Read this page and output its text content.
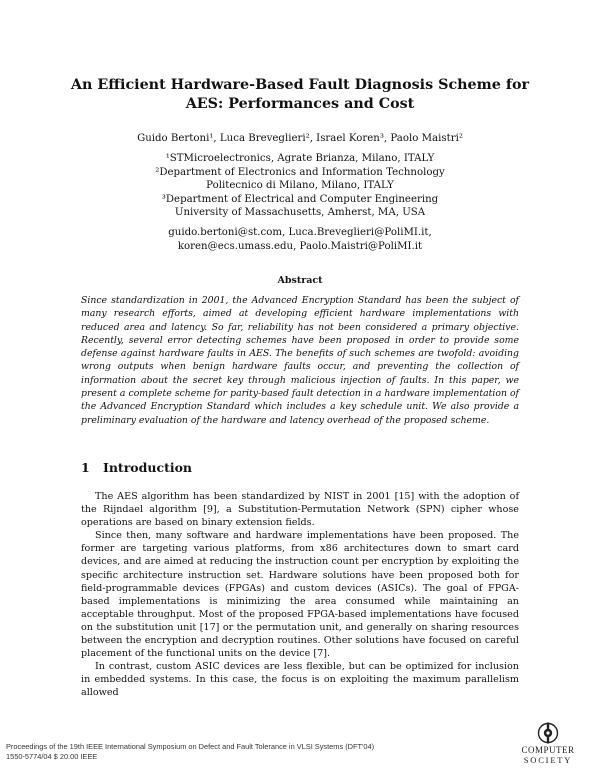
An Efficient Hardware-Based Fault Diagnosis Scheme for
AES: Performances and Cost
Guido Bertoni¹, Luca Breveglieri², Israel Koren³, Paolo Maistri²
¹STMicroelectronics, Agrate Brianza, Milano, ITALY
²Department of Electronics and Information Technology
Politecnico di Milano, Milano, ITALY
³Department of Electrical and Computer Engineering
University of Massachusetts, Amherst, MA, USA
guido.bertoni@st.com, Luca.Breveglieri@PoliMI.it,
koren@ecs.umass.edu, Paolo.Maistri@PoliMI.it
Abstract

Since standardization in 2001, the Advanced Encryption Standard has been the subject of many research efforts, aimed at developing efficient hardware implementations with reduced area and latency. So far, reliability has not been considered a primary objective. Recently, several error detecting schemes have been proposed in order to provide some defense against hardware faults in AES. The benefits of such schemes are twofold: avoiding wrong outputs when benign hardware faults occur, and preventing the collection of information about the secret key through malicious injection of faults. In this paper, we present a complete scheme for parity-based fault detection in a hardware implementation of the Advanced Encryption Standard which includes a key schedule unit. We also provide a preliminary evaluation of the hardware and latency overhead of the proposed scheme.

1 Introduction

The AES algorithm has been standardized by NIST in 2001 [15] with the adoption of the Rijndael algorithm [9], a Substitution-Permutation Network (SPN) cipher whose operations are based on binary extension fields.

Since then, many software and hardware implementations have been proposed. The former are targeting various platforms, from x86 architectures down to smart card devices, and are aimed at reducing the instruction count per encryption by exploiting the specific architecture instruction set. Hardware solutions have been proposed both for field-programmable devices (FPGAs) and custom devices (ASICs). The goal of FPGA-based implementations is minimizing the area consumed while maintaining an acceptable throughput. Most of the proposed FPGA-based implementations have focused on the substitution unit [17] or the permutation unit, and generally on sharing resources between the encryption and decryption routines. Other solutions have focused on careful placement of the functional units on the device [7].

In contrast, custom ASIC devices are less flexible, but can be optimized for inclusion in embedded systems. In this case, the focus is on exploiting the maximum parallelism allowed

Proceedings of the 19th IEEE International Symposium on Defect and Fault Tolerance in VLSI Systems (DFT'04)
1550-5774/04 $ 20.00 IEEE
COMPUTER
SOCIETY
